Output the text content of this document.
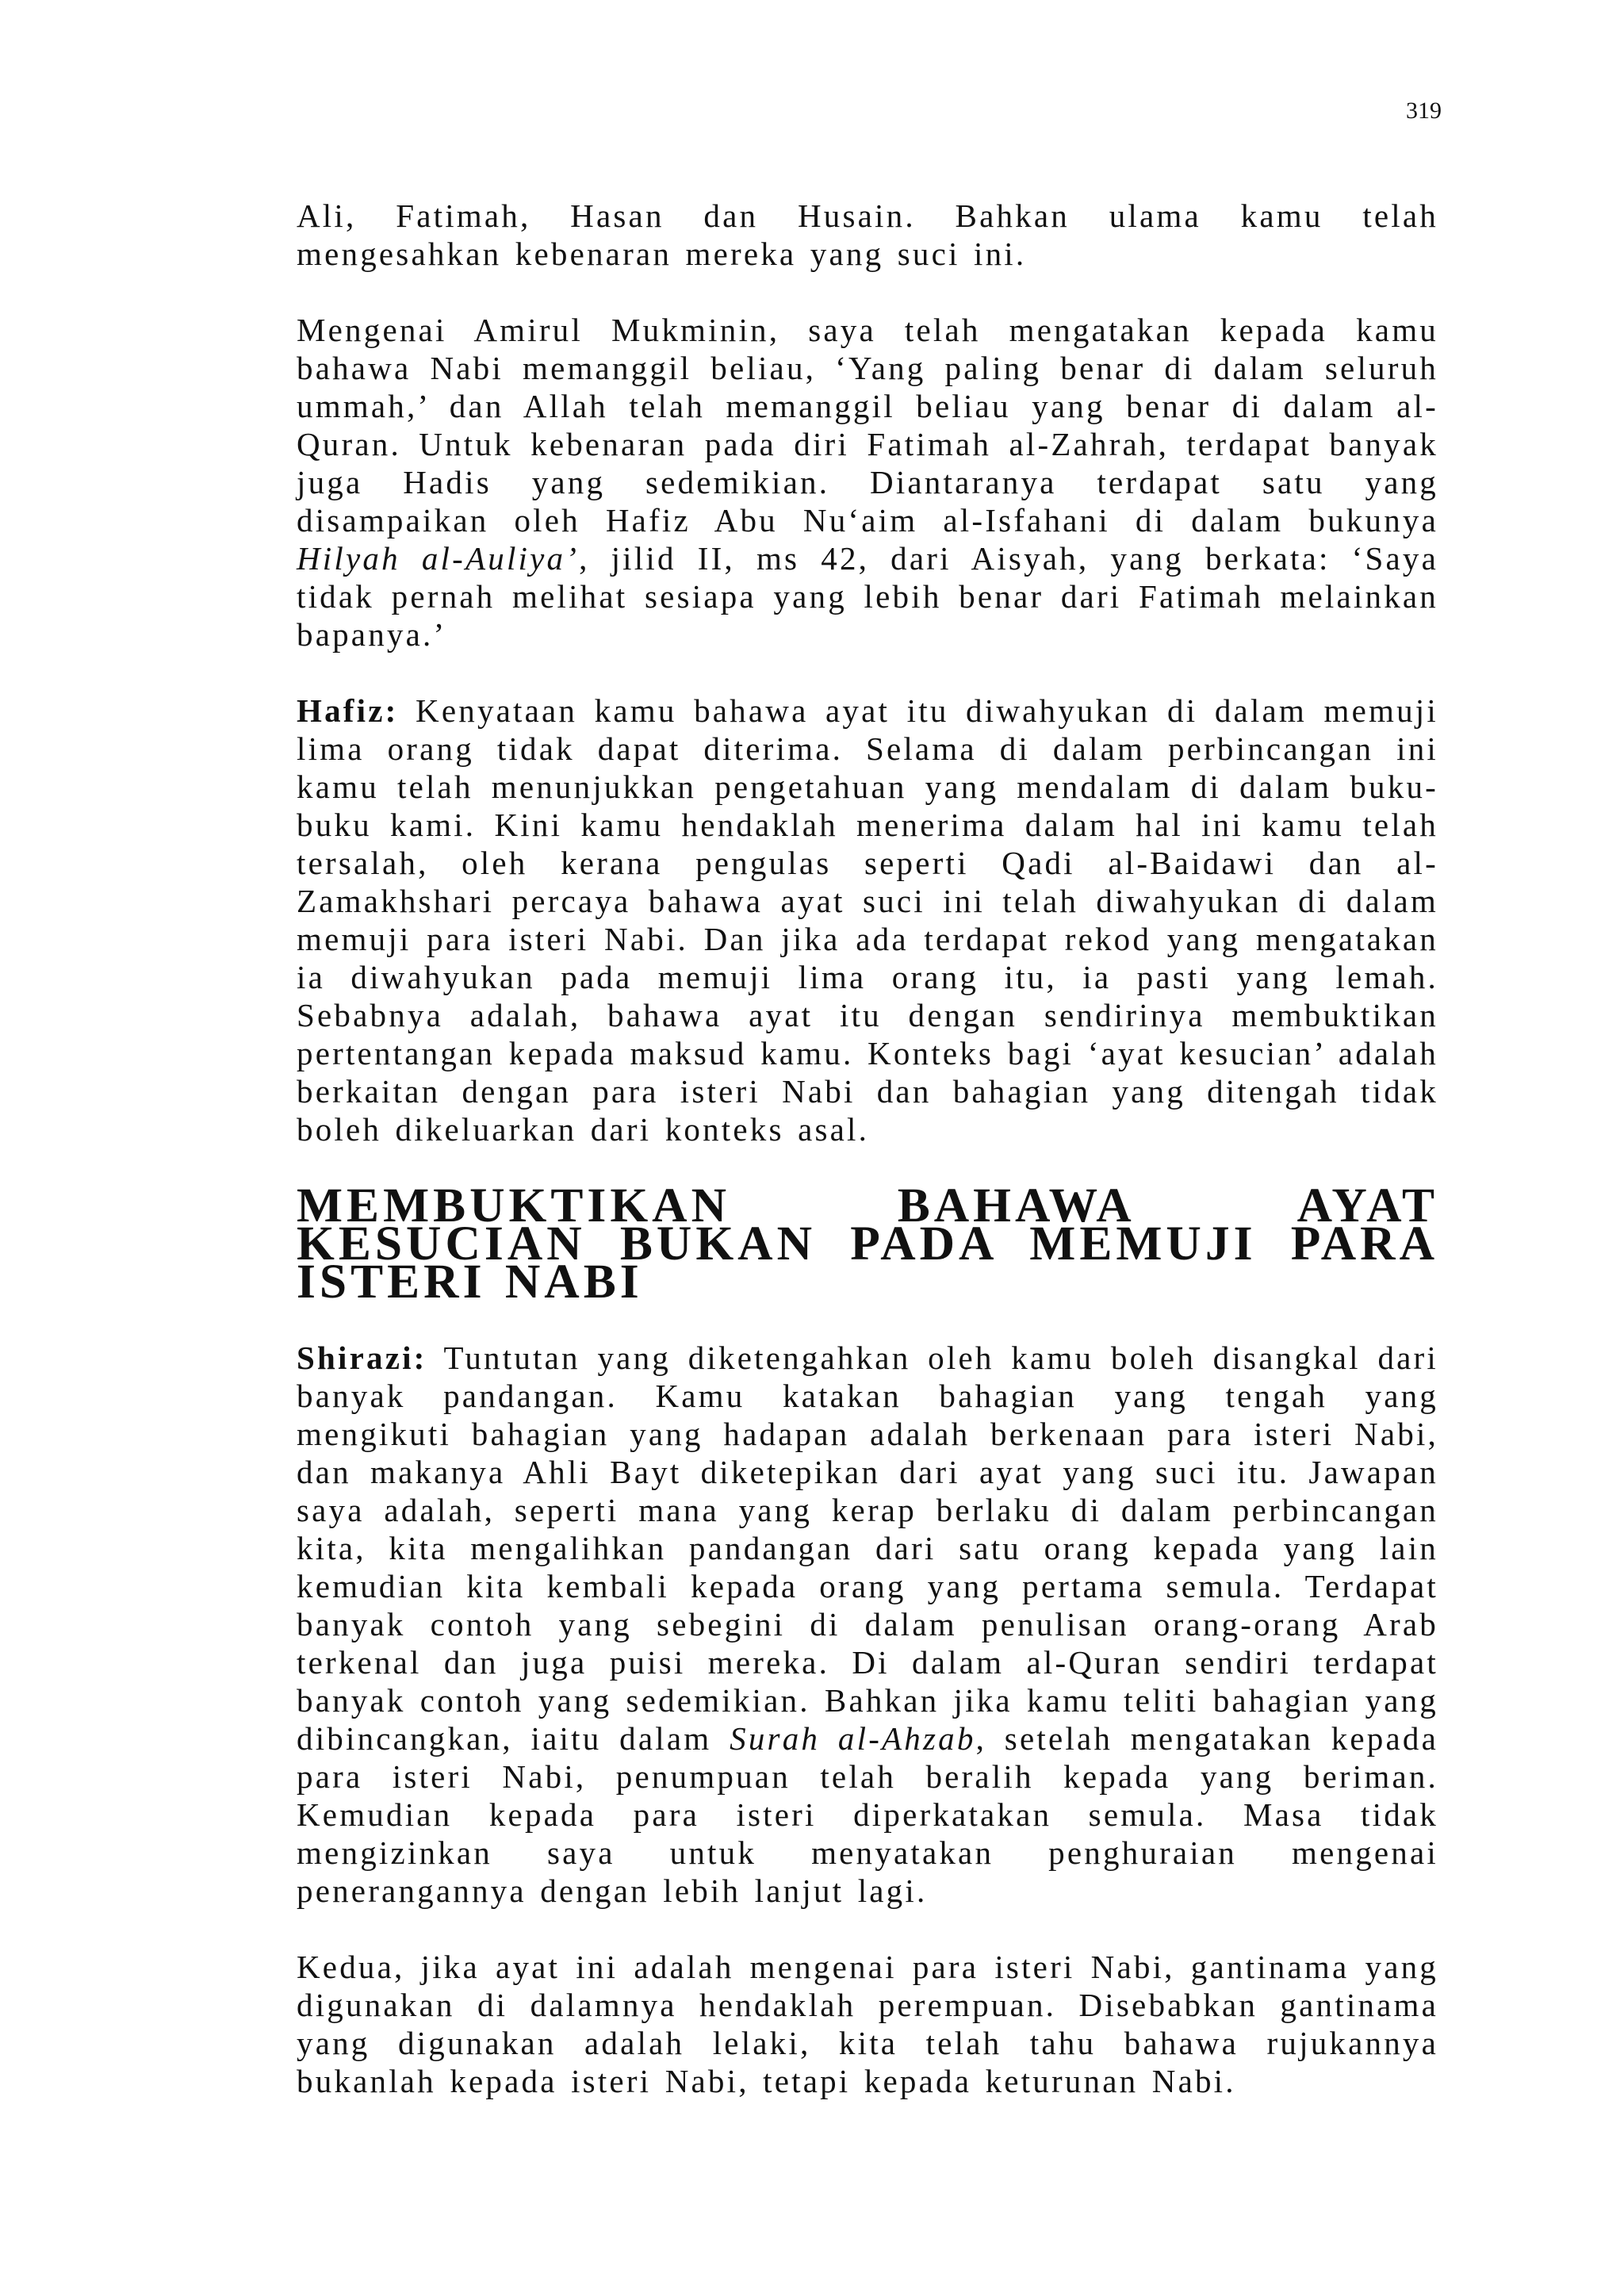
319

Ali, Fatimah, Hasan dan Husain. Bahkan ulama kamu telah mengesahkan kebenaran mereka yang suci ini.

Mengenai Amirul Mukminin, saya telah mengatakan kepada kamu bahawa Nabi memanggil beliau, ‘Yang paling benar di dalam seluruh ummah,’ dan Allah telah memanggil beliau yang benar di dalam al-Quran. Untuk kebenaran pada diri Fatimah al-Zahrah, terdapat banyak juga Hadis yang sedemikian. Diantaranya terdapat satu yang disampaikan oleh Hafiz Abu Nu‘aim al-Isfahani di dalam bukunya Hilyah al-Auliya’, jilid II, ms 42, dari Aisyah, yang berkata: ‘Saya tidak pernah melihat sesiapa yang lebih benar dari Fatimah melainkan bapanya.’

Hafiz: Kenyataan kamu bahawa ayat itu diwahyukan di dalam memuji lima orang tidak dapat diterima. Selama di dalam perbincangan ini kamu telah menunjukkan pengetahuan yang mendalam di dalam buku-buku kami. Kini kamu hendaklah menerima dalam hal ini kamu telah tersalah, oleh kerana pengulas seperti Qadi al-Baidawi dan al-Zamakhshari percaya bahawa ayat suci ini telah diwahyukan di dalam memuji para isteri Nabi. Dan jika ada terdapat rekod yang mengatakan ia diwahyukan pada memuji lima orang itu, ia pasti yang lemah. Sebabnya adalah, bahawa ayat itu dengan sendirinya membuktikan pertentangan kepada maksud kamu. Konteks bagi ‘ayat kesucian’ adalah berkaitan dengan para isteri Nabi dan bahagian yang ditengah tidak boleh dikeluarkan dari konteks asal.

MEMBUKTIKAN BAHAWA AYAT KESUCIAN BUKAN PADA MEMUJI PARA ISTERI NABI

Shirazi: Tuntutan yang diketengahkan oleh kamu boleh disangkal dari banyak pandangan. Kamu katakan bahagian yang tengah yang mengikuti bahagian yang hadapan adalah berkenaan para isteri Nabi, dan makanya Ahli Bayt diketepikan dari ayat yang suci itu. Jawapan saya adalah, seperti mana yang kerap berlaku di dalam perbincangan kita, kita mengalihkan pandangan dari satu orang kepada yang lain kemudian kita kembali kepada orang yang pertama semula. Terdapat banyak contoh yang sebegini di dalam penulisan orang-orang Arab terkenal dan juga puisi mereka. Di dalam al-Quran sendiri terdapat banyak contoh yang sedemikian. Bahkan jika kamu teliti bahagian yang dibincangkan, iaitu dalam Surah al-Ahzab, setelah mengatakan kepada para isteri Nabi, penumpuan telah beralih kepada yang beriman. Kemudian kepada para isteri diperkatakan semula. Masa tidak mengizinkan saya untuk menyatakan penghuraian mengenai penerangannya dengan lebih lanjut lagi.

Kedua, jika ayat ini adalah mengenai para isteri Nabi, gantinama yang digunakan di dalamnya hendaklah perempuan. Disebabkan gantinama yang digunakan adalah lelaki, kita telah tahu bahawa rujukannya bukanlah kepada isteri Nabi, tetapi kepada keturunan Nabi.
